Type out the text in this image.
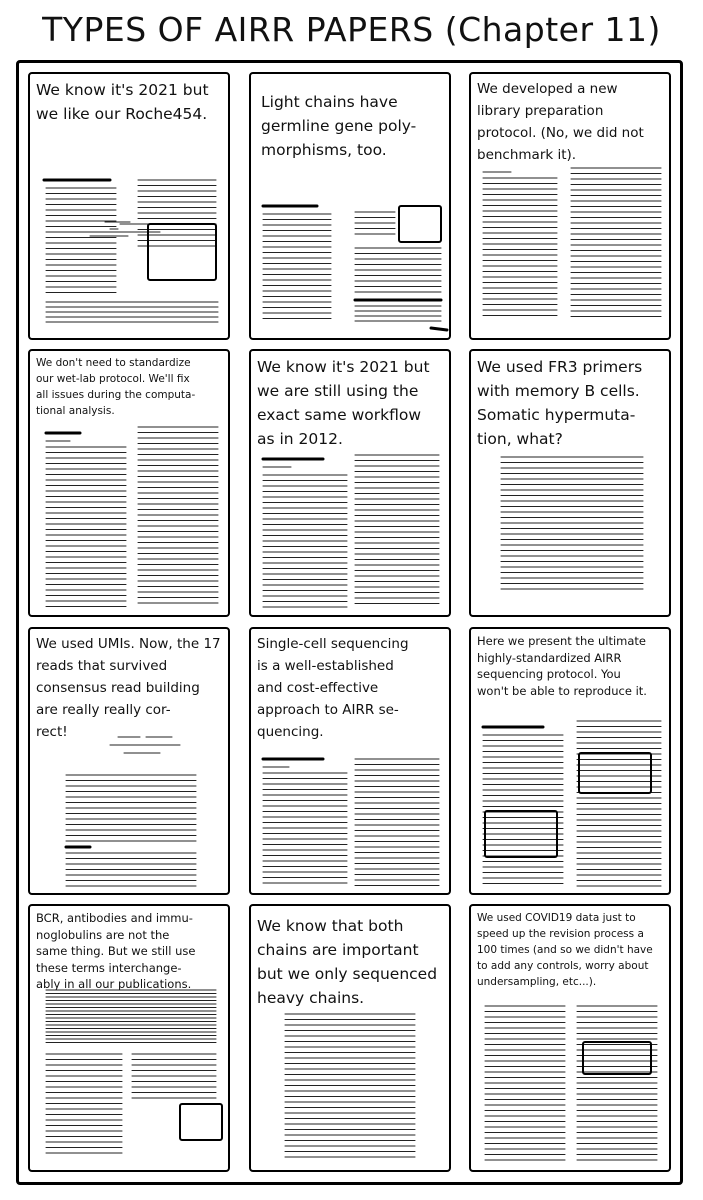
TYPES OF AIRR PAPERS (Chapter 11)

We know it's 2021 but
we like our Roche454.

Light chains have
germline gene poly-
morphisms, too.

We developed a new
library preparation
protocol. (No, we did not
benchmark it).

We don't need to standardize
our wet-lab protocol. We'll fix
all issues during the computa-
tional analysis.

We know it's 2021 but
we are still using the
exact same workflow
as in 2012.

We used FR3 primers
with memory B cells.
Somatic hypermuta-
tion, what?

We used UMIs. Now, the 17
reads that survived
consensus read building
are really really cor-
rect!

Single-cell sequencing
is a well-established
and cost-effective
approach to AIRR se-
quencing.

Here we present the ultimate
highly-standardized AIRR
sequencing protocol. You
won't be able to reproduce it.

BCR, antibodies and immu-
noglobulins are not the
same thing. But we still use
these terms interchange-
ably in all our publications.

We know that both
chains are important
but we only sequenced
heavy chains.

We used COVID19 data just to
speed up the revision process a
100 times (and so we didn't have
to add any controls, worry about
undersampling, etc...).
